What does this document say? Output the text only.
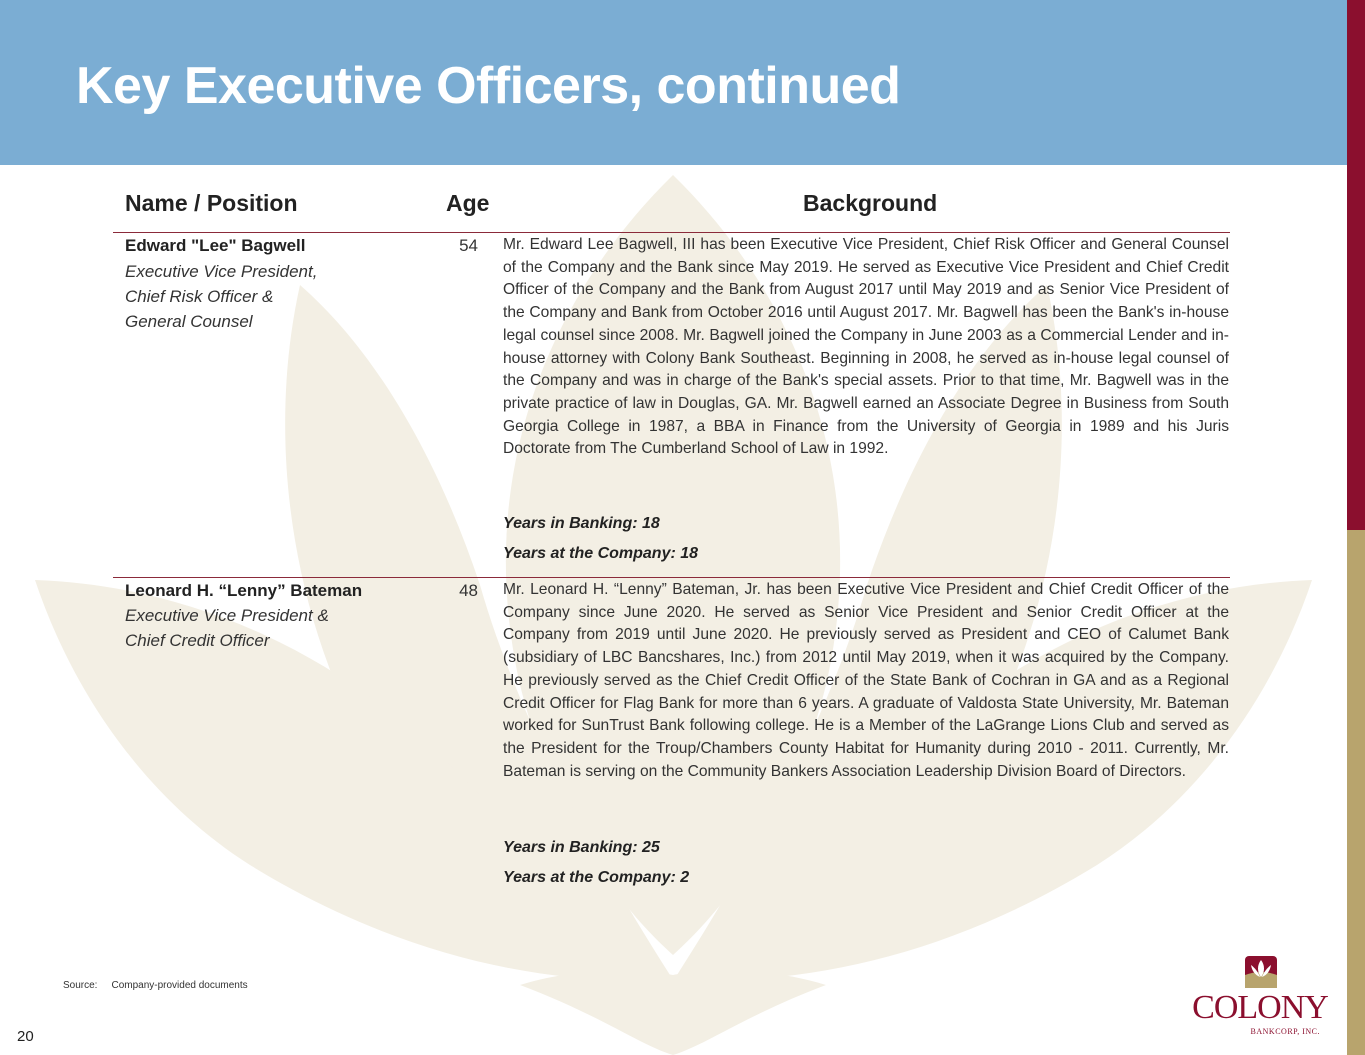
Key Executive Officers, continued
Name / Position	Age	Background
Edward "Lee" Bagwell
Executive Vice President,
Chief Risk Officer &
General Counsel
54 Mr. Edward Lee Bagwell, III has been Executive Vice President, Chief Risk Officer and General Counsel of the Company and the Bank since May 2019. He served as Executive Vice President and Chief Credit Officer of the Company and the Bank from August 2017 until May 2019 and as Senior Vice President of the Company and Bank from October 2016 until August 2017. Mr. Bagwell has been the Bank's in-house legal counsel since 2008. Mr. Bagwell joined the Company in June 2003 as a Commercial Lender and in-house attorney with Colony Bank Southeast. Beginning in 2008, he served as in-house legal counsel of the Company and was in charge of the Bank's special assets. Prior to that time, Mr. Bagwell was in the private practice of law in Douglas, GA. Mr. Bagwell earned an Associate Degree in Business from South Georgia College in 1987, a BBA in Finance from the University of Georgia in 1989 and his Juris Doctorate from The Cumberland School of Law in 1992.
Years in Banking: 18
Years at the Company: 18
Leonard H. “Lenny” Bateman
Executive Vice President &
Chief Credit Officer
48 Mr. Leonard H. “Lenny” Bateman, Jr. has been Executive Vice President and Chief Credit Officer of the Company since June 2020. He served as Senior Vice President and Senior Credit Officer at the Company from 2019 until June 2020. He previously served as President and CEO of Calumet Bank (subsidiary of LBC Bancshares, Inc.) from 2012 until May 2019, when it was acquired by the Company. He previously served as the Chief Credit Officer of the State Bank of Cochran in GA and as a Regional Credit Officer for Flag Bank for more than 6 years. A graduate of Valdosta State University, Mr. Bateman worked for SunTrust Bank following college. He is a Member of the LaGrange Lions Club and served as the President for the Troup/Chambers County Habitat for Humanity during 2010 - 2011. Currently, Mr. Bateman is serving on the Community Bankers Association Leadership Division Board of Directors.
Years in Banking: 25
Years at the Company: 2
Source: Company-provided documents
20
COLONY
BANKCORP, INC.
